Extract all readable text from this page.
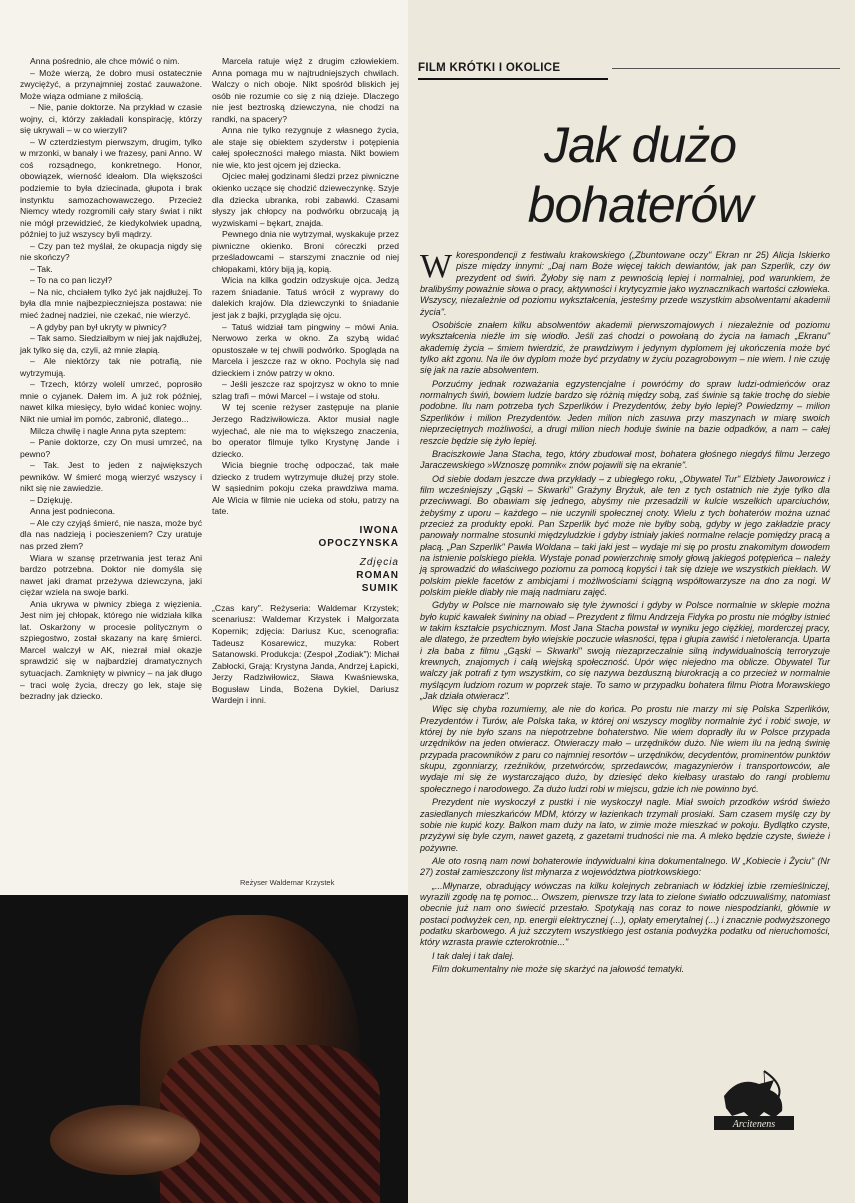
Anna pośrednio, ale chce mówić o nim.

– Może wierzą, że dobro musi ostatecznie zwyciężyć, a przynajmniej zostać zauważone. Może wiąza odmiane z miłością.

– Nie, panie doktorze. Na przykład w czasie wojny, ci, którzy zakładali konspirację, którzy się ukrywali – w co wierzyli?

– W czterdziestym pierwszym, drugim, tylko w mrzonki, w banały i we frazesy, pani Anno. W coś rozsądnego, konkretnego. Honor, obowiązek, wierność ideałom. Dla większości podziemie to była dziecinada, głupota i brak instynktu samozachowawczego. Przecież Niemcy wtedy rozgromili cały stary świat i nikt nie mógł przewidzieć, że kiedykolwiek upadną, później to już wszyscy byli mądrzy.

– Czy pan też myślał, że okupacja nigdy się nie skończy?

– Tak.

– To na co pan liczył?

– Na nic, chciałem tylko żyć jak najdłużej. To była dla mnie najbezpieczniejsza postawa: nie mieć żadnej nadziei, nie czekać, nie wierzyć.

– A gdyby pan był ukryty w piwnicy?

– Tak samo. Siedziałbym w niej jak najdłużej, jak tylko się da, czyli, aż mnie złapią.

– Ale niektórzy tak nie potrafią, nie wytrzymują.

– Trzech, którzy wolelí umrzeć, poprosiło mnie o cyjanek. Dałem im. A już rok później, nawet kilka miesięcy, było widać koniec wojny. Nikt nie umiał im pomóc, zabronić, dlatego...

Milcza chwilę i nagle Anna pyta szeptem:

– Panie doktorze, czy On musi umrzeć, na pewno?

– Tak. Jest to jeden z największych pewników. W śmierć mogą wierzyć wszyscy i nikt się nie zawiedzie.

– Dziękuję.

Anna jest podniecona.

– Ale czy czyjąś śmierć, nie nasza, może być dla nas nadzieją i pocieszeniem? Czy uratuje nas przed złem?

Wiara w szansę przetrwania jest teraz Ani bardzo potrzebna. Doktor nie domyśla się nawet jaki dramat przeżywa dziewczyna, jaki ciężar wziela na swoje barki.

Ania ukrywa w piwnicy zbiega z więzienia. Jest nim jej chłopak, którego nie widziała kilka lat. Oskarżony w procesie politycznym o szpiegostwo, został skazany na karę śmierci. Marcel walczył w AK, niezrał miał okazje sprawdzić się w najbardziej dramatycznych sytuacjach. Zamknięty w piwnicy – na jak długo – traci wolę życia, dreczy go lek, staje się bezradny jak dziecko.

Marcela ratuje więź z drugim człowiekiem. Anna pomaga mu w najtrudniejszych chwilach. Walczy o nich oboje. Nikt spośród bliskich jej osób nie rozumie co się z nią dzieje. Dlaczego nie jest beztroską dziewczyna, nie chodzi na randki, na spacery?

Anna nie tylko rezygnuje z własnego życia, ale staje się obiektem szyderstw i potępienia całej społeczności małego miasta. Nikt bowiem nie wie, kto jest ojcem jej dziecka.

Ojciec małej godzinami śledzi przez piwniczne okienko uczące się chodzić dzieweczynkę. Szyje dla dziecka ubranka, robi zabawki. Czasami słyszy jak chłopcy na podwórku obrzucają ją wyzwiskami – bękart, znajda.

Pewnego dnia nie wytrzymał, wyskakuje przez piwniczne okienko. Broni córeczki przed prześladowcami – starszymi znacznie od niej chłopakami, który biją ją, kopią.

Wicia na kilka godzin odzyskuje ojca. Jedzą razem śniadanie. Tatuś wrócił z wyprawy do dalekich krajów. Dla dziewczynki to śniadanie jest jak z bajki, przygląda się ojcu.

– Tatuś widział tam pingwiny – mówi Ania. Nerwowo zerka w okno. Za szybą widać opustoszałe w tej chwili podwórko. Spogląda na Marcela i jeszcze raz w okno. Pochyla się nad dzieckiem i znów patrzy w okno.

– Jeśli jeszcze raz spojrzysz w okno to mnie szlag trafi – mówi Marcel – i wstaje od stołu.

W tej scenie reżyser zastępuje na planie Jerzego Radziwiłowicza. Aktor musiał nagle wyjechać, ale nie ma to większego znaczenia, bo operator filmuje tylko Krystynę Jande i dziecko.

Wicia biegnie trochę odpoczać, tak małe dziecko z trudem wytrzymuje dłużej przy stole. W sąsiednim pokoju czeka prawdziwa mama. Ale Wicia w filmie nie ucieka od stołu, patrzy na tate.

IWONA
OPOCZYNSKA
Zdjęcia
ROMAN
SUMIK

„Czas kary". Reżyseria: Waldemar Krzystek; scenariusz: Waldemar Krzystek i Małgorzata Kopernik; zdjęcia: Dariusz Kuc, scenografia: Tadeusz Kosarewicz, muzyka: Robert Satanowski. Produkcja: (Zespoł „Zodiak"): Michał Zabłocki, Grają: Krystyna Janda, Andrzej Łapicki, Jerzy Radziwiłowicz, Sława Kwaśniewska, Bogusław Linda, Bożena Dykiel, Dariusz Wardejn i inni.

Reżyser Waldemar Krzystek
FILM KRÓTKI I OKOLICE
Jak dużo
bohaterów

Wkorespondencji z festiwalu krakowskiego („Zbuntowane oczy" Ekran nr 25) Alicja Iskierko pisze między innymi: „Daj nam Boże więcej takich dewiantów, jak pan Szperlik, czy ów prezydent od świń. Żyłoby się nam z pewnością lepiej i normalniej, pod warunkiem, że bralibyśmy poważnie słowa o pracy, aktywności i krytycyzmie jako wyznacznikach wartości człowieka. Wszyscy, niezależnie od poziomu wykształcenia, jesteśmy przede wszystkim absolwentami akademii życia".

Osobiście znałem kilku absolwentów akademii pierwszomajowych i niezależnie od poziomu wykształcenia nieźle im się wiodło. Jeśli zaś chodzi o powołaną do życia na łamach „Ekranu" akademię życia – śmiem twierdzić, że prawdziwym i jedynym dyplomem jej ukończenia może być tylko akt zgonu. Na ile ów dyplom może być przydatny w życiu pozagrobowym – nie wiem. I nie czuję się jak na razie absolwentem.

Porzućmy jednak rozważania egzystencjalne i powróćmy do spraw ludzi-odmieńców oraz normalnych świń, bowiem ludzie bardzo się różnią między sobą, zaś świnie są takie trochę do siebie podobne. Ilu nam potrzeba tych Szperlików i Prezydentów, żeby było lepiej? Powiedzmy – milion Szperlików i milion Prezydentów. Jeden milion nich zasuwa przy maszynach w miarę swoich nieprzeciętnych możliwości, a drugi milion niech hoduje świnie na bazie odpadków, a nam – całej reszcie będzie się żyło lepiej.

Braciszkowie Jana Stacha, tego, który zbudował most, bohatera głośnego niegdyś filmu Jerzego Jaraczewskiego »Wznoszę pomnik« znów pojawili się na ekranie".

Od siebie dodam jeszcze dwa przykłady – z ubiegłego roku, „Obywatel Tur" Elżbiety Jaworowicz i film wcześniejszy „Gąski – Skwarki" Grażyny Bryżuk, ale ten z tych ostatnich nie żyje tylko dla przeciwwagi. Bo obawiam się jednego, abyśmy nie przesadzili w kulcie wszelkich uparciuchów, żebyśmy z uporu – każdego – nie uczynili społecznej cnoty. Wielu z tych bohaterów można uznać przecież za produkty epoki. Pan Szperlik być może nie byłby sobą, gdyby w jego zakładzie pracy panowały normalne stosunki międzyludzkie i gdyby istniały jakieś normalne relacje pomiędzy pracą a płacą. „Pan Szperlik" Pawła Woldana – taki jaki jest – wydaje mi się po prostu znakomitym dowodem na istnienie polskiego piekła. Wystaje ponad powierzchnię smoły głową jakiegoś potępieńca – należy ją sprowadzić do właściwego poziomu za pomocą kopyści i tak się dzieje we wszystkich piekłach. W polskim piekle facetów z ambicjami i możliwościami ściągną współtowarzysze na dno za nogi. W polskim piekle diabły nie mają nadmiaru zajęć.

Gdyby w Polsce nie marnowało się tyle żywności i gdyby w Polsce normalnie w sklepie można było kupić kawałek świniny na obiad – Prezydent z filmu Andrzeja Fidyka po prostu nie mógłby istnieć w takim kształcie psychicznym. Most Jana Stacha powstał w wyniku jego ciężkiej, morderczej pracy, ale dlatego, że przedtem było wiejskie poczucie własności, tępa i głupia zawiść i nietolerancja. Uparta i zła baba z filmu „Gąski – Skwarki" swoją niezaprzeczalnie silną indywidualnością terroryzuje krewnych, znajomych i całą wiejską społeczność. Upór więc niejedno ma oblicze. Obywatel Tur walczy jak potrafi z tym wszystkim, co się nazywa bezduszną biurokracją a co przecież w normalnie myślącym ludziom rozum w poprzek staje. To samo w przypadku bohatera filmu Piotra Morawskiego „Jak działa otwieracz".

Więc się chyba rozumiemy, ale nie do końca. Po prostu nie marzy mi się Polska Szperlików, Prezydentów i Turów, ale Polska taka, w której oni wszyscy mogliby normalnie żyć i robić swoje, w której by nie było szans na niepotrzebne bohaterstwo. Nie wiem dopradły ilu w Polsce przypada urzędników na jeden otwieracz. Otwieraczy mało – urzędników dużo. Nie wiem ilu na jedną świnię przypada pracowników z paru co najmniej resortów – urzędników, decydentów, prominentów punktów skupu, zgonniarzy, rzeźników, przetwórców, sprzedawców, magazynierów i transportowców, ale wydaje mi się że wystarczająco dużo, by dziesięć deko kiełbasy urastało do rangi problemu społecznego i narodowego. Za dużo ludzi robi w miejscu, gdzie ich nie powinno być.

Prezydent nie wyskoczył z pustki i nie wyskoczył nagle. Miał swoich przodków wśród świeżo zasiedlanych mieszkańców MDM, którzy w łazienkach trzymali prosiaki. Sam czasem myślę czy by sobie nie kupić kozy. Balkon mam duży na lato, w zimie może mieszkać w pokoju. Bydlątko czyste, przyżywi się byle czym, nawet gazetą, z gazetami trudności nie ma. A mleko będzie czyste, świeże i pożywne.

Ale oto rosną nam nowi bohaterowie indywidualni kina dokumentalnego. W „Kobiecie i Życiu" (Nr 27) został zamieszczony list młynarza z województwa piotrkowskiego:

„...Młynarze, obradujący wówczas na kilku kolejnych zebraniach w łódzkiej izbie rzemieślniczej, wyrazili zgodę na tę pomoc... Owszem, pierwsze trzy lata to zielone światło odczuwaliśmy, natomiast obecnie już nam ono świecić przestało. Spotykają nas coraz to nowe niespodzianki, głównie w postaci podwyżek cen, np. energii elektrycznej (...), opłaty emerytalnej (...) i znacznie podwyższonego podatku skarbowego. A już szczytem wszystkiego jest ostania podwyżka podatku od nieruchomości, który wzrasta prawie czterokrotnie..."

I tak dalej i tak dalej.

Film dokumentalny nie może się skarżyć na jałowość tematyki.

Arcitenens
